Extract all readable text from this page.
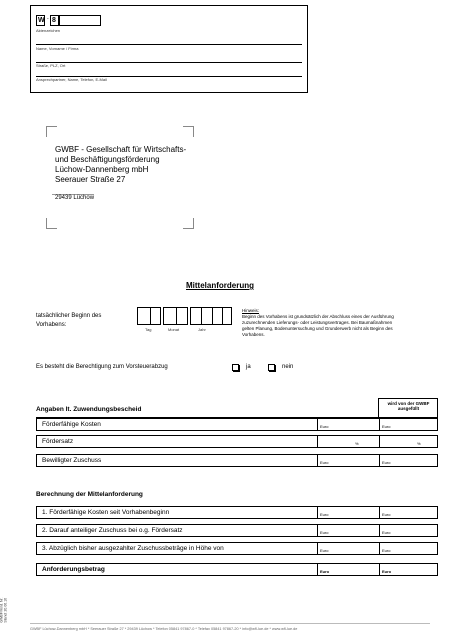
W - 8
Aktenzeichen
Name, Vorname / Firma
Straße, PLZ, Ort
Ansprechpartner, Name, Telefon, E-Mail
GWBF - Gesellschaft für Wirtschafts-
und Beschäftigungsförderung
Lüchow-Dannenberg mbH
Seerauer Straße 27
29439 Lüchow
Mittelanforderung
tatsächlicher Beginn des
Vorhabens:
Tag	Monat	Jahr
Hinweis:
Beginn des Vorhabens ist grundsätzlich der Abschluss eines der Ausführung
zuzurechnenden Lieferungs- oder Leistungsvertrages. Bei Baumaßnahmen
gelten Planung, Bodenuntersuchung und Grunderwerb nicht als Beginn des
Vorhabens.
Es besteht die Berechtigung zum Vorsteuerabzug	ja	nein
Angaben lt. Zuwendungsbescheid
wird von der GWBF ausgefüllt
Förderfähige Kosten	Euro	Euro
Fördersatz	%	%
Bewilligter Zuschuss	Euro	Euro
Berechnung der Mittelanforderung
1. Förderfähige Kosten seit Vorhabenbeginn	Euro	Euro
2. Darauf anteiliger Zuschuss bei o.g. Fördersatz	Euro	Euro
3. Abzüglich bisher ausgezahlter Zuschussbeträge in Höhe von	Euro	Euro
Anforderungsbetrag	Euro	Euro
GWBF/Vord. Nr. Stand: 20.06.16
GWBF Lüchow-Dannenberg mbH * Seerauer Straße 27 * 29439 Lüchow * Telefon 05841 97867-0 * Telefax 05841 97867-20 * info@wfl-lue.de * www.wfl-lue.de
